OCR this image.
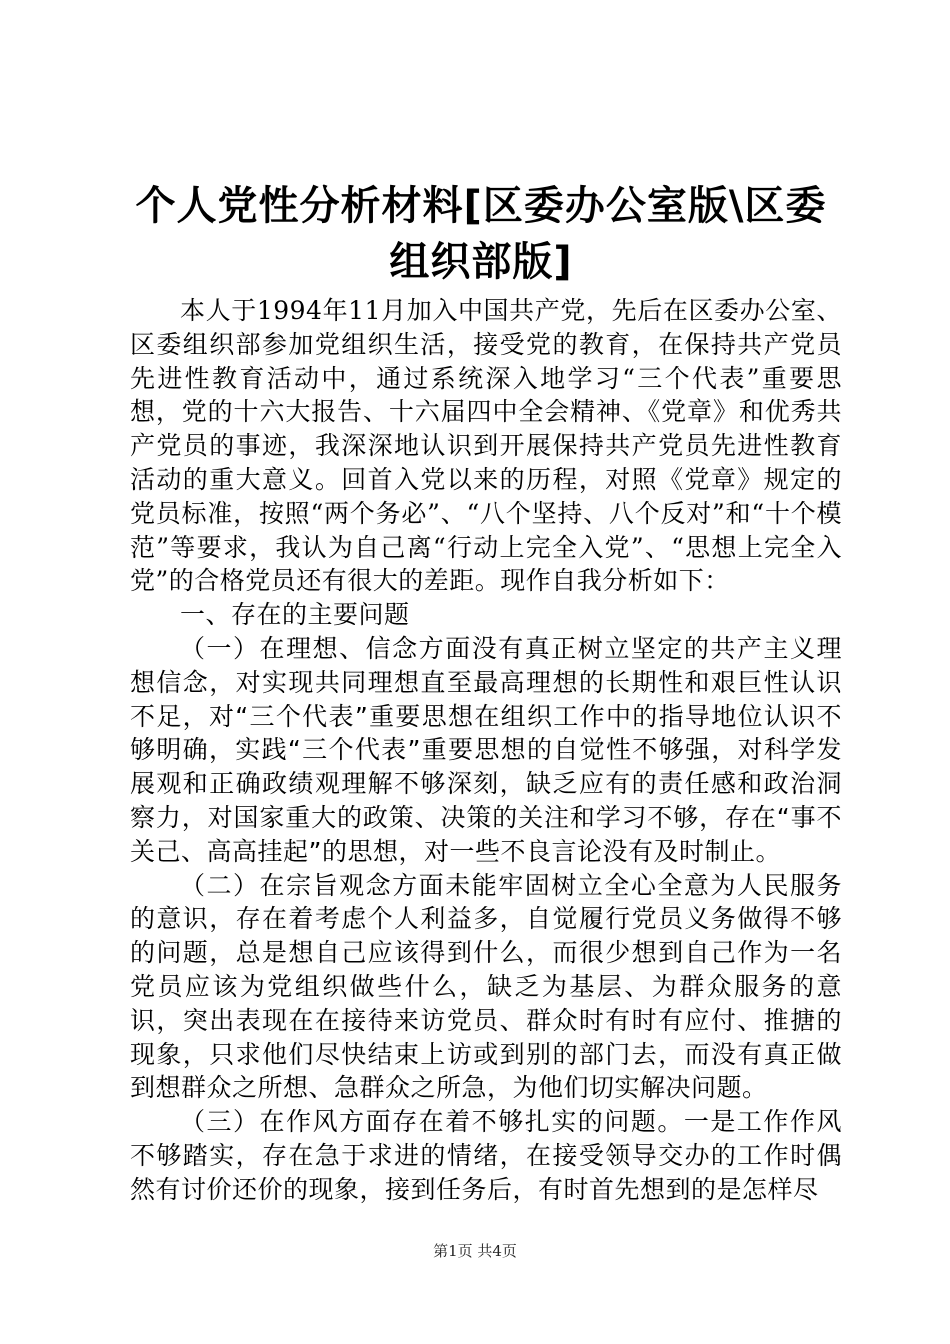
个人党性分析材料[区委办公室版\区委组织部版]

本人于1994年11月加入中国共产党，先后在区委办公室、区委组织部参加党组织生活，接受党的教育，在保持共产党员先进性教育活动中，通过系统深入地学习“三个代表”重要思想，党的十六大报告、十六届四中全会精神、《党章》和优秀共产党员的事迹，我深深地认识到开展保持共产党员先进性教育活动的重大意义。回首入党以来的历程，对照《党章》规定的党员标准，按照“两个务必”、“八个坚持、八个反对”和“十个模范”等要求，我认为自己离“行动上完全入党”、“思想上完全入党”的合格党员还有很大的差距。现作自我分析如下：

一、存在的主要问题

（一）在理想、信念方面没有真正树立坚定的共产主义理想信念，对实现共同理想直至最高理想的长期性和艰巨性认识不足，对“三个代表”重要思想在组织工作中的指导地位认识不够明确，实践“三个代表”重要思想的自觉性不够强，对科学发展观和正确政绩观理解不够深刻，缺乏应有的责任感和政治洞察力，对国家重大的政策、决策的关注和学习不够，存在“事不关己、高高挂起”的思想，对一些不良言论没有及时制止。

（二）在宗旨观念方面未能牢固树立全心全意为人民服务的意识，存在着考虑个人利益多，自觉履行党员义务做得不够的问题，总是想自己应该得到什么，而很少想到自己作为一名党员应该为党组织做些什么，缺乏为基层、为群众服务的意识，突出表现在在接待来访党员、群众时有时有应付、推搪的现象，只求他们尽快结束上访或到别的部门去，而没有真正做到想群众之所想、急群众之所急，为他们切实解决问题。

（三）在作风方面存在着不够扎实的问题。一是工作作风不够踏实，存在急于求进的情绪，在接受领导交办的工作时偶然有讨价还价的现象，接到任务后，有时首先想到的是怎样尽

第1页 共4页
